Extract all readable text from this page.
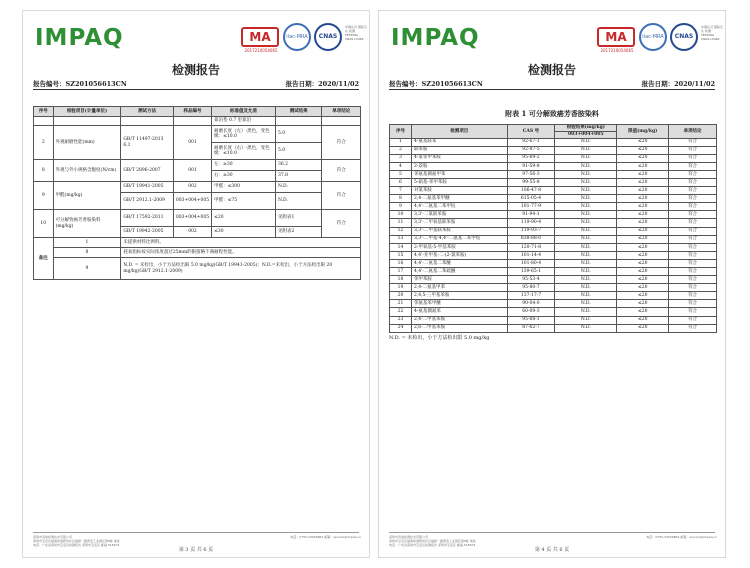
IMPAQ	MA
2017210054065
ilac-MRA	CNAS
中国认可 国际互认 检测 TESTING CNAS L5462
检测报告
报告编号：SZ201056613CN	报告日期：2020/11/02
序号	检验项目(计量单位)	测试方法	样品编号	标准值及允差	测试结果	单项结论
				靠泊垫 0.7 里靠泊		
2	外观耐磨性能(mm)	GB/T 11497-2013 6.1	001	耐磨长度（左）-黑色，变色级：≤10.0	5.0	符合
				耐磨长度（右）-黑色，变色级：≤10.0	5.0	
8	外观与外小规格含腹度(N/cm)	GB/T 2896-2007	001	左：≥30	36.2	符合
				右：≥30	37.8	
9	甲醛(mg/kg)	GB/T 19941-2005	002	甲醛：≤300	N.D.	符合
		GB/T 2912.1-2009	003+004+005	甲醛：≤75	N.D.	
10	可分解致癌芳香胺染料(mg/kg)	GB/T 17592-2011	003+004+005	≤20	见附表1	符合
		GB/T 19942-2005	002	≤30	见附表2	
备注	1	未提供材料比例料。				
	8	耗氧指标按实际浓度超过25mm的限值略不满耐程性能。				
	9	N.D. = 未检出，小于方法检出限 5.0 mg/kg(GB/T 19941-2005)；N.D.=未检出，小于方法检出限 20 mg/kg(GB/T 2912.1-2009)				
深圳市英柏检测技术有限公司
深圳市宝安区福海街道新和社区福园一路德金工业园区第8栋 地址
电话：广东省深圳市宝安区检测报告 深圳市宝安区 邮编 518103
电话：0755-23059862 邮箱：service@impaq.cn
第 3 页 共 6 页
IMPAQ	MA
2017210054065
ilac-MRA	CNAS
中国认可 国际互认 检测 TESTING CNAS L5462
检测报告
报告编号：SZ201056613CN	报告日期：2020/11/02
附表 1 可分解致癌芳香胺染料
序号	检测项目	CAS 号	检验结果(mg/kg)	限值(mg/kg)	单项结论
			003+004+005		
1	4-氨基联苯	92-67-1	N.D.	≤20	符合
2	联苯胺	92-87-5	N.D.	≤20	符合
3	4-氯邻甲苯胺	95-69-2	N.D.	≤20	符合
4	2-萘胺	91-59-8	N.D.	≤20	符合
5	邻氨基偶氮甲苯	97-56-3	N.D.	≤20	符合
6	5-硝基-邻甲苯胺	99-55-8	N.D.	≤20	符合
7	对氯苯胺	106-47-8	N.D.	≤20	符合
8	2,4-二氨基苯甲醚	615-05-4	N.D.	≤20	符合
9	4,4'-二氨基二苯甲烷	101-77-9	N.D.	≤20	符合
10	3,3'-二氯联苯胺	91-94-1	N.D.	≤20	符合
11	3,3'-二甲氧基联苯胺	119-90-4	N.D.	≤20	符合
12	3,3'-二甲基联苯胺	119-93-7	N.D.	≤20	符合
13	3,3'-二甲基-4,4'-二氨基二苯甲烷	838-88-0	N.D.	≤20	符合
14	2-甲氧基-5-甲基苯胺	120-71-8	N.D.	≤20	符合
15	4,4'-亚甲基-二-(2-氯苯胺)	101-14-4	N.D.	≤20	符合
16	4,4'-二氨基二苯醚	101-80-4	N.D.	≤20	符合
17	4,4'-二氨基二苯硫醚	139-65-1	N.D.	≤20	符合
18	邻甲苯胺	95-53-4	N.D.	≤20	符合
19	2,4-二氨基甲苯	95-80-7	N.D.	≤20	符合
20	2,4,5-三甲基苯胺	137-17-7	N.D.	≤20	符合
21	邻氨基苯甲醚	90-04-0	N.D.	≤20	符合
22	4-氨基偶氮苯	60-09-3	N.D.	≤20	符合
23	2,4-二甲基苯胺	95-68-1	N.D.	≤20	符合
24	2,6-二甲基苯胺	87-62-7	N.D.	≤20	符合
N.D. = 未检出，小于方法检出限 5.0 mg/kg
深圳市英柏检测技术有限公司
深圳市宝安区福海街道新和社区福园一路德金工业园区第8栋 地址
电话：广东省深圳市宝安区检测报告 深圳市宝安区 邮编 518103
电话：0755-23059862 邮箱：service@impaq.cn
第 4 页 共 6 页
